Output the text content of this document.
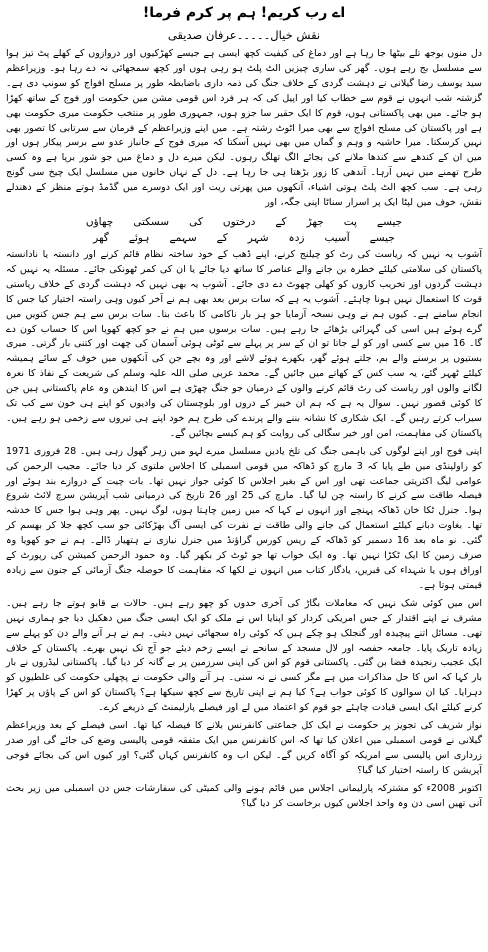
اے رب کریم! ہم پر کرم فرما!
نقش خیال۔۔۔۔۔عرفان صدیقی

دل منوں بوجھ تلے بیٹھا جا رہا ہے اور دماغ کی کیفیت کچھ ایسی ہے جیسے کھڑکیوں اور دروازوں کے کھلے پٹ تیز ہوا سے مسلسل بج رہے ہوں۔ گھر کی ساری چیزیں الٹ پلٹ ہو رہی ہوں اور کچھ سمجھائی نہ دے رہا ہو۔ وزیراعظم سید یوسف رضا گیلانی نے دہشت گردی کے خلاف جنگ کی ذمہ داری باضابطہ طور پر مسلح افواج کو سونپ دی ہے۔ گزشتہ شب انہوں نے قوم سے خطاب کیا اور اپیل کی کہ ہر فرد اس قومی مشن میں حکومت اور فوج کے ساتھ کھڑا ہو جائے۔ میں بھی پاکستانی ہوں، قوم کا ایک حقیر سا جزو ہوں، جمہوری طور پر منتخب حکومت میری حکومت بھی ہے اور پاکستان کی مسلح افواج سے بھی میرا اٹوٹ رشتہ ہے۔ میں اپنے وزیراعظم کے فرمان سے سرتابی کا تصور بھی نہیں کرسکتا۔ میرا حاشیہ و وہم و گماں میں بھی نہیں آسکتا کہ میری فوج کے جانباز عدو سے برسر پیکار ہوں اور میں ان کے کندھے سے کندھا ملانے کی بجائے الگ تھلگ رہوں۔ لیکن میرے دل و دماغ میں جو شور برپا ہے وہ کسی طرح تھمنے میں نہیں آرہا۔ آندھی کا زور بڑھتا ہی جا رہا ہے۔ دل کے نہاں خانوں میں مسلسل ایک چیخ سی گونج رہی ہے۔ سب کچھ الٹ پلٹ ہوتی اشیاء، آنکھوں میں پھرتی ریت اور ایک دوسرے میں گڈمڈ ہوتے منظر کے دھندلے نقش، خوف میں لپٹا ایک پر اسرار سناٹا اپنی جگہ، اور

جیسے
پت
جھڑ
کے
درختوں
کی
سسکتی
چھاؤں
جیسے
آسیب
زدہ
شہر
کے
سہمے
ہوئے
گھر

آشوب یہ نہیں کہ ریاست کی رٹ کو چیلنج کرنے، اپنے ڈھب کے خود ساختہ نظام قائم کرنے اور دانستہ یا نادانستہ پاکستان کی سلامتی کیلئے خطرہ بن جانے والے عناصر کا ساتھ دیا جائے یا ان کی کمر ٹھونکی جائے۔ مسئلہ یہ نہیں کہ دہشت گردوں اور تخریب کاروں کو کھلی چھوٹ دے دی جائے۔ آشوب یہ بھی نہیں کہ دہشت گردی کے خلاف ریاستی قوت کا استعمال نہیں ہونا چاہئے۔ آشوب یہ ہے کہ سات برس بعد بھی ہم نے آخر کیوں وہی راستہ اختیار کیا جس کا انجام سامنے ہے۔ کیوں ہم نے وہی نسخہ آزمایا جو ہر بار ناکامی کا باعث بنا۔ سات برس سے ہم جس کنویں میں گرے ہوئے ہیں اسی کی گہرائی بڑھائے جا رہے ہیں۔ سات برسوں میں ہم نے جو کچھ کھویا اس کا حساب کون دے گا۔ 16 میں سے کسی اور کو لے جاتا تو ان کے سر پر پہلے سے ٹوٹی ہوئی آسمان کی چھت اور کتنی بار گرتی۔ میری بستیوں پر برسنے والے بم، جلتے ہوئے گھر، بکھرے ہوئے لاشے اور وہ بچے جن کی آنکھوں میں خوف کے سائے ہمیشہ کیلئے ٹھہر گئے، یہ سب کس کے کھاتے میں جائیں گے۔ محمد عربی صلی اللہ علیہ وسلم کی شریعت کے نفاذ کا نعرہ لگانے والوں اور ریاست کی رٹ قائم کرنے والوں کے درمیان جو جنگ چھڑی ہے اس کا ایندھن وہ عام پاکستانی ہیں جن کا کوئی قصور نہیں۔ سوال یہ ہے کہ ہم ان خیبر کے دروں اور بلوچستان کی وادیوں کو اپنے ہی خون سے کب تک سیراب کرتے رہیں گے۔ ایک شکاری کا نشانہ بننے والے پرندے کی طرح ہم خود اپنے ہی تیروں سے زخمی ہو رہے ہیں۔ پاکستان کی مفاہمت، امن اور خیر سگالی کی روایت کو ہم کیسے بچائیں گے۔

اپنی فوج اور اپنے لوگوں کی باہمی جنگ کی تلخ یادیں مسلسل میرے لہو میں زہر گھول رہی ہیں۔ 28 فروری 1971 کو راولپنڈی میں طے پایا کہ 3 مارچ کو ڈھاکہ میں قومی اسمبلی کا اجلاس ملتوی کر دیا جائے۔ مجیب الرحمن کی عوامی لیگ اکثریتی جماعت تھی اور اس کے بغیر اجلاس کا کوئی جواز نہیں تھا۔ بات چیت کے دروازے بند ہوئے اور فیصلہ طاقت سے کرنے کا راستہ چن لیا گیا۔ مارچ کی 25 اور 26 تاریخ کی درمیانی شب آپریشن سرچ لائٹ شروع ہوا۔ جنرل ٹکا خان ڈھاکہ پہنچے اور انہوں نے کہا کہ میں زمین چاہتا ہوں، لوگ نہیں۔ پھر وہی ہوا جس کا خدشہ تھا۔ بغاوت دبانے کیلئے استعمال کی جانے والی طاقت نے نفرت کی ایسی آگ بھڑکائی جو سب کچھ جلا کر بھسم کر گئی۔ نو ماہ بعد 16 دسمبر کو ڈھاکہ کے ریس کورس گراؤنڈ میں جنرل نیازی نے ہتھیار ڈالے۔ ہم نے جو کھویا وہ صرف زمین کا ایک ٹکڑا نہیں تھا۔ وہ ایک خواب تھا جو ٹوٹ کر بکھر گیا۔ وہ حمود الرحمن کمیشن کی رپورٹ کے اوراق ہوں یا شہداء کی قبریں، یادگار کتاب میں انہوں نے لکھا کہ مفاہمت کا حوصلہ جنگ آزمائی کے جنون سے زیادہ قیمتی ہوتا ہے۔

اس میں کوئی شک نہیں کہ معاملات بگاڑ کی آخری حدوں کو چھو رہے ہیں۔ حالات بے قابو ہوتے جا رہے ہیں۔ مشرف نے اپنے اقتدار کے جس امریکی کردار کو اپنایا اس نے ملک کو ایک ایسی جنگ میں دھکیل دیا جو ہماری نہیں تھی۔ مسائل اتنے پیچیدہ اور گنجلک ہو چکے ہیں کہ کوئی راہ سجھائی نہیں دیتی۔ ہم نے ہر آنے والے دن کو پہلے سے زیادہ تاریک پایا۔ جامعہ حفصہ اور لال مسجد کے سانحے نے ایسے زخم دیئے جو آج تک نہیں بھرے۔ پاکستان کے خلاف ایک عجیب رنجیدہ فضا بن گئی۔ پاکستانی قوم کو اس کی اپنی سرزمین پر بے گانہ کر دیا گیا۔ پاکستانی لیڈروں نے بار بار کہا کہ اس کا حل مذاکرات میں ہے مگر کسی نے نہ سنی۔ ہر آنے والی حکومت نے پچھلی حکومت کی غلطیوں کو دہرایا۔ کیا ان سوالوں کا کوئی جواب ہے؟ کیا ہم نے اپنی تاریخ سے کچھ سیکھا ہے؟ پاکستان کو اس کے پاؤں پر کھڑا کرنے کیلئے ایک ایسی قیادت چاہئے جو قوم کو اعتماد میں لے اور فیصلے پارلیمنٹ کے ذریعے کرے۔

نواز شریف کی تجویز پر حکومت نے ایک کل جماعتی کانفرنس بلانے کا فیصلہ کیا تھا۔ اسی فیصلے کے بعد وزیراعظم گیلانی نے قومی اسمبلی میں اعلان کیا تھا کہ اس کانفرنس میں ایک متفقہ قومی پالیسی وضع کی جائے گی اور صدر زرداری اس پالیسی سے امریکہ کو آگاہ کریں گے۔ لیکن اب وہ کانفرنس کہاں گئی؟ اور کیوں اس کی بجائے فوجی آپریشن کا راستہ اختیار کیا گیا؟

اکتوبر 2008ء کو مشترکہ پارلیمانی اجلاس میں قائم ہونے والی کمیٹی کی سفارشات جس دن اسمبلی میں زیر بحث آنی تھیں اسی دن وہ واحد اجلاس کیوں برخاست کر دیا گیا؟
